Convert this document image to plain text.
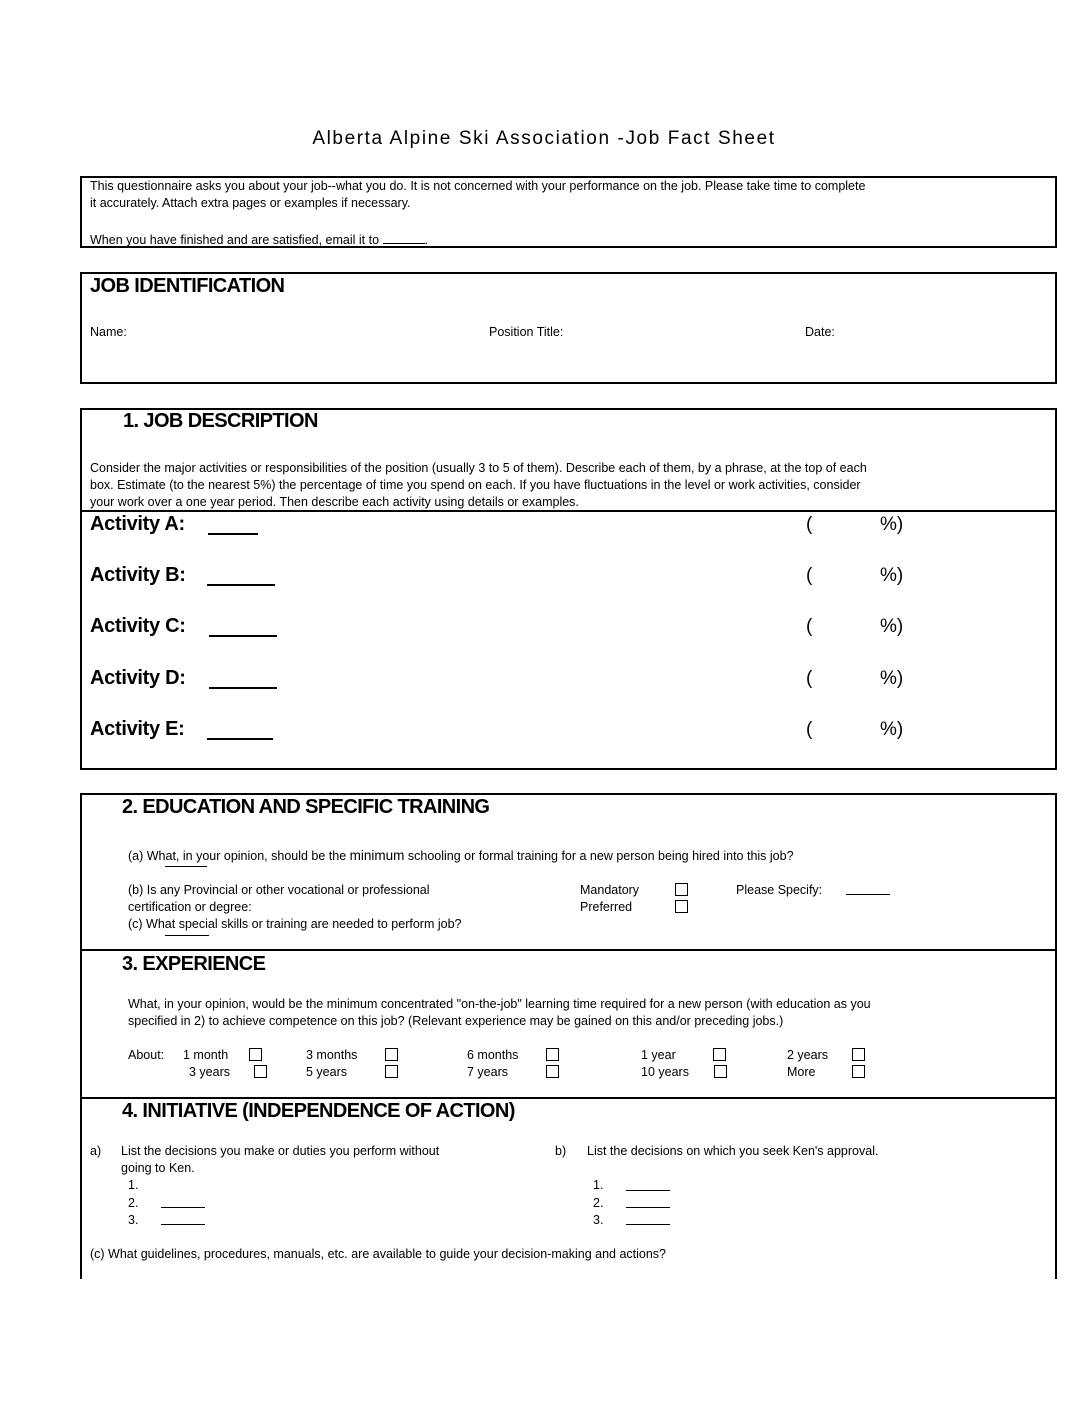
Alberta Alpine Ski Association -Job Fact Sheet
This questionnaire asks you about your job--what you do. It is not concerned with your performance on the job. Please take time to complete
it accurately. Attach extra pages or examples if necessary.
When you have finished and are satisfied, email it to	.
JOB IDENTIFICATION
Name:	Position Title:	Date:
1. JOB DESCRIPTION
Consider the major activities or responsibilities of the position (usually 3 to 5 of them). Describe each of them, by a phrase, at the top of each
box. Estimate (to the nearest 5%) the percentage of time you spend on each. If you have fluctuations in the level or work activities, consider
your work over a one year period. Then describe each activity using details or examples.
Activity A:	(	%)
Activity B:	(	%)
Activity C:	(	%)
Activity D:	(	%)
Activity E:	(	%)
2. EDUCATION AND SPECIFIC TRAINING
(a) What, in your opinion, should be the minimum schooling or formal training for a new person being hired into this job?
(b) Is any Provincial or other vocational or professional
certification or degree:
(c) What special skills or training are needed to perform job?
Mandatory
Preferred
Please Specify:
3. EXPERIENCE
What, in your opinion, would be the minimum concentrated "on-the-job" learning time required for a new person (with education as you
specified in 2) to achieve competence on this job? (Relevant experience may be gained on this and/or preceding jobs.)
About: 1 month	3 months	6 months	1 year	2 years
3 years	5 years	7 years	10 years	More
4. INITIATIVE (INDEPENDENCE OF ACTION)
a) List the decisions you make or duties you perform without
going to Ken.
1.
2.
3.
b) List the decisions on which you seek Ken's approval.
1.
2.
3.
(c) What guidelines, procedures, manuals, etc. are available to guide your decision-making and actions?
